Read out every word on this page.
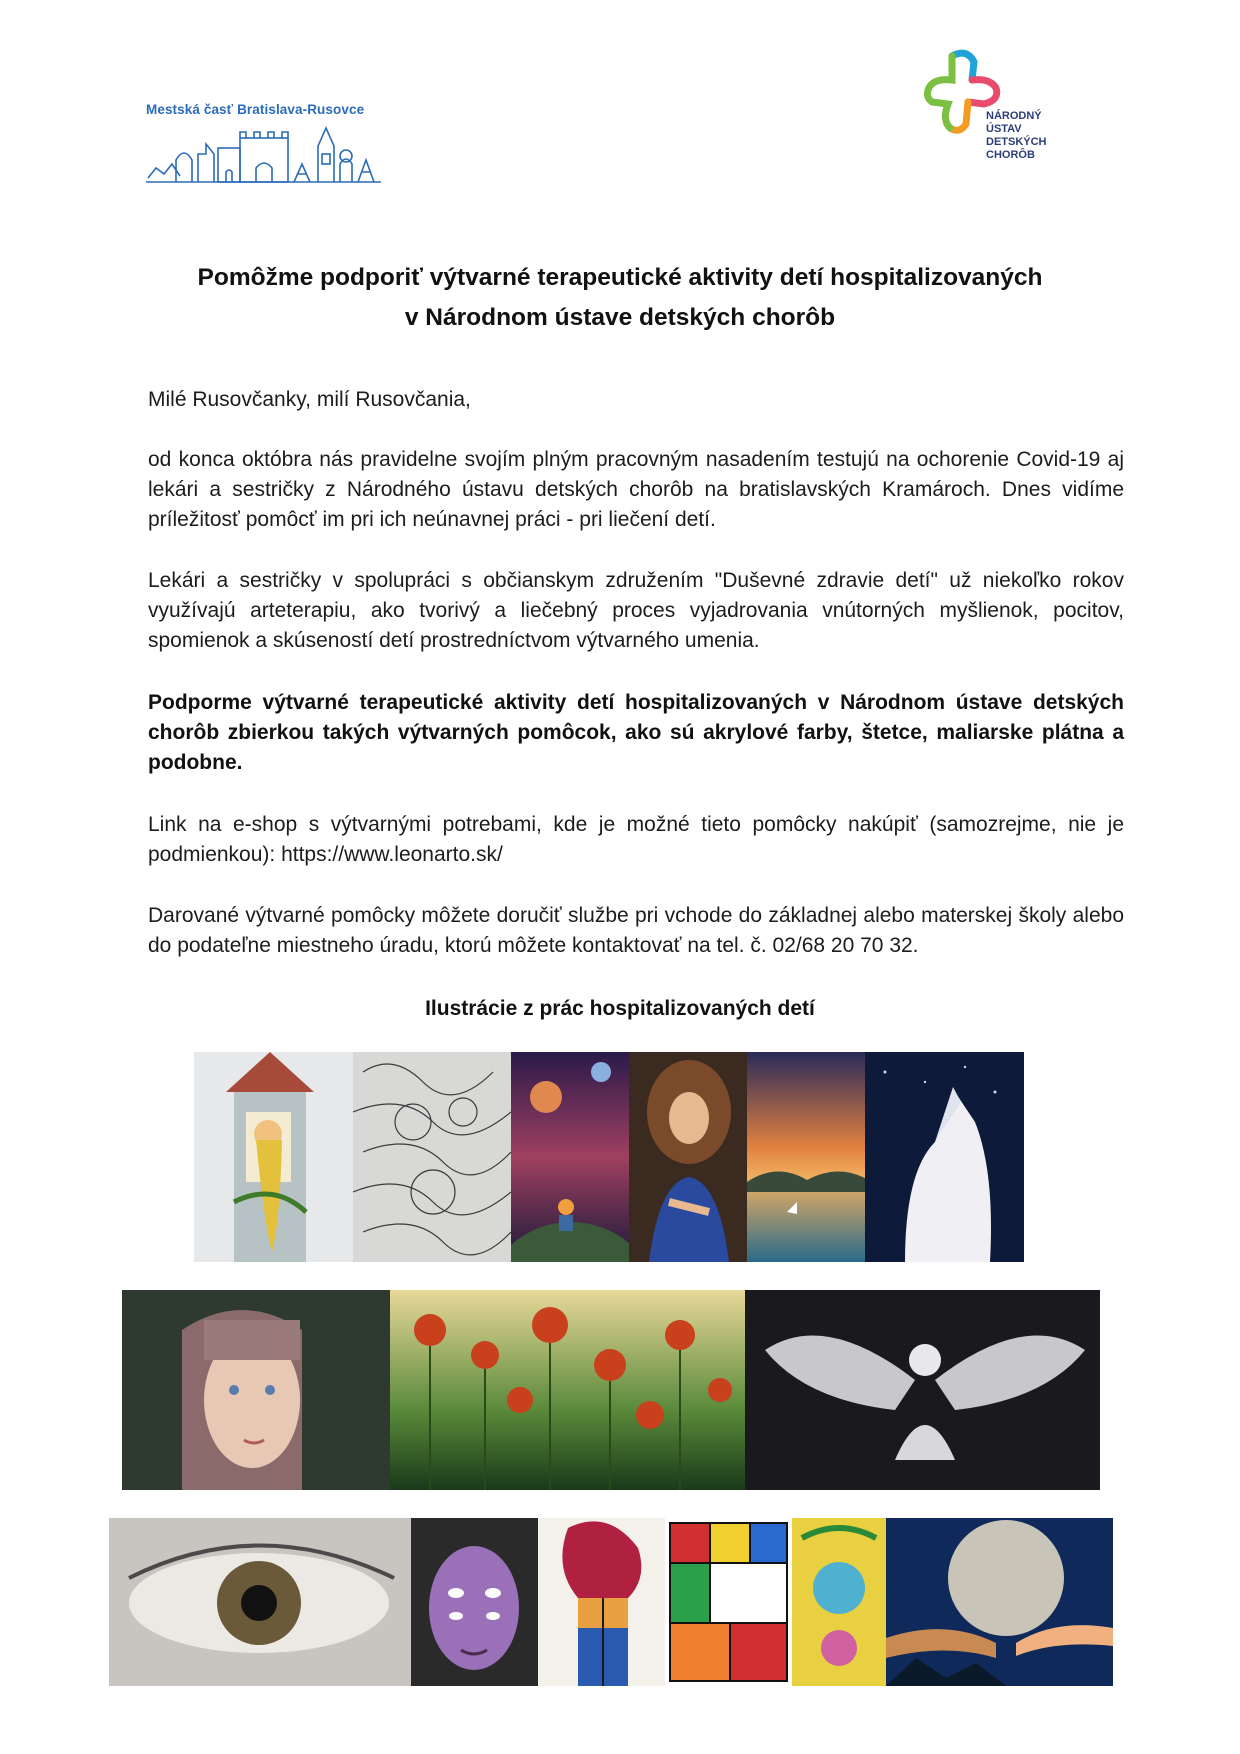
Mestská časť Bratislava-Rusovce	NÁRODNÝ
ÚSTAV
DETSKÝCH
CHORÔB
Pomôžme podporiť výtvarné terapeutické aktivity detí hospitalizovaných
v Národnom ústave detských chorôb
Milé Rusovčanky, milí Rusovčania,
od konca októbra nás pravidelne svojím plným pracovným nasadením testujú na ochorenie Covid-19 aj lekári a sestričky z Národného ústavu detských chorôb na bratislavských Kramároch. Dnes vidíme príležitosť pomôcť im pri ich neúnavnej práci - pri liečení detí.
Lekári a sestričky v spolupráci s občianskym združením "Duševné zdravie detí" už niekoľko rokov využívajú arteterapiu, ako tvorivý a liečebný proces vyjadrovania vnútorných myšlienok, pocitov, spomienok a skúseností detí prostredníctvom výtvarného umenia.
Podporme výtvarné terapeutické aktivity detí hospitalizovaných v Národnom ústave detských chorôb zbierkou takých výtvarných pomôcok, ako sú akrylové farby, štetce, maliarske plátna a podobne.
Link na e-shop s výtvarnými potrebami, kde je možné tieto pomôcky nakúpiť (samozrejme, nie je podmienkou): https://www.leonarto.sk/
Darované výtvarné pomôcky môžete doručiť službe pri vchode do základnej alebo materskej školy alebo do podateľne miestneho úradu, ktorú môžete kontaktovať na tel. č. 02/68 20 70 32.
Ilustrácie z prác hospitalizovaných detí
